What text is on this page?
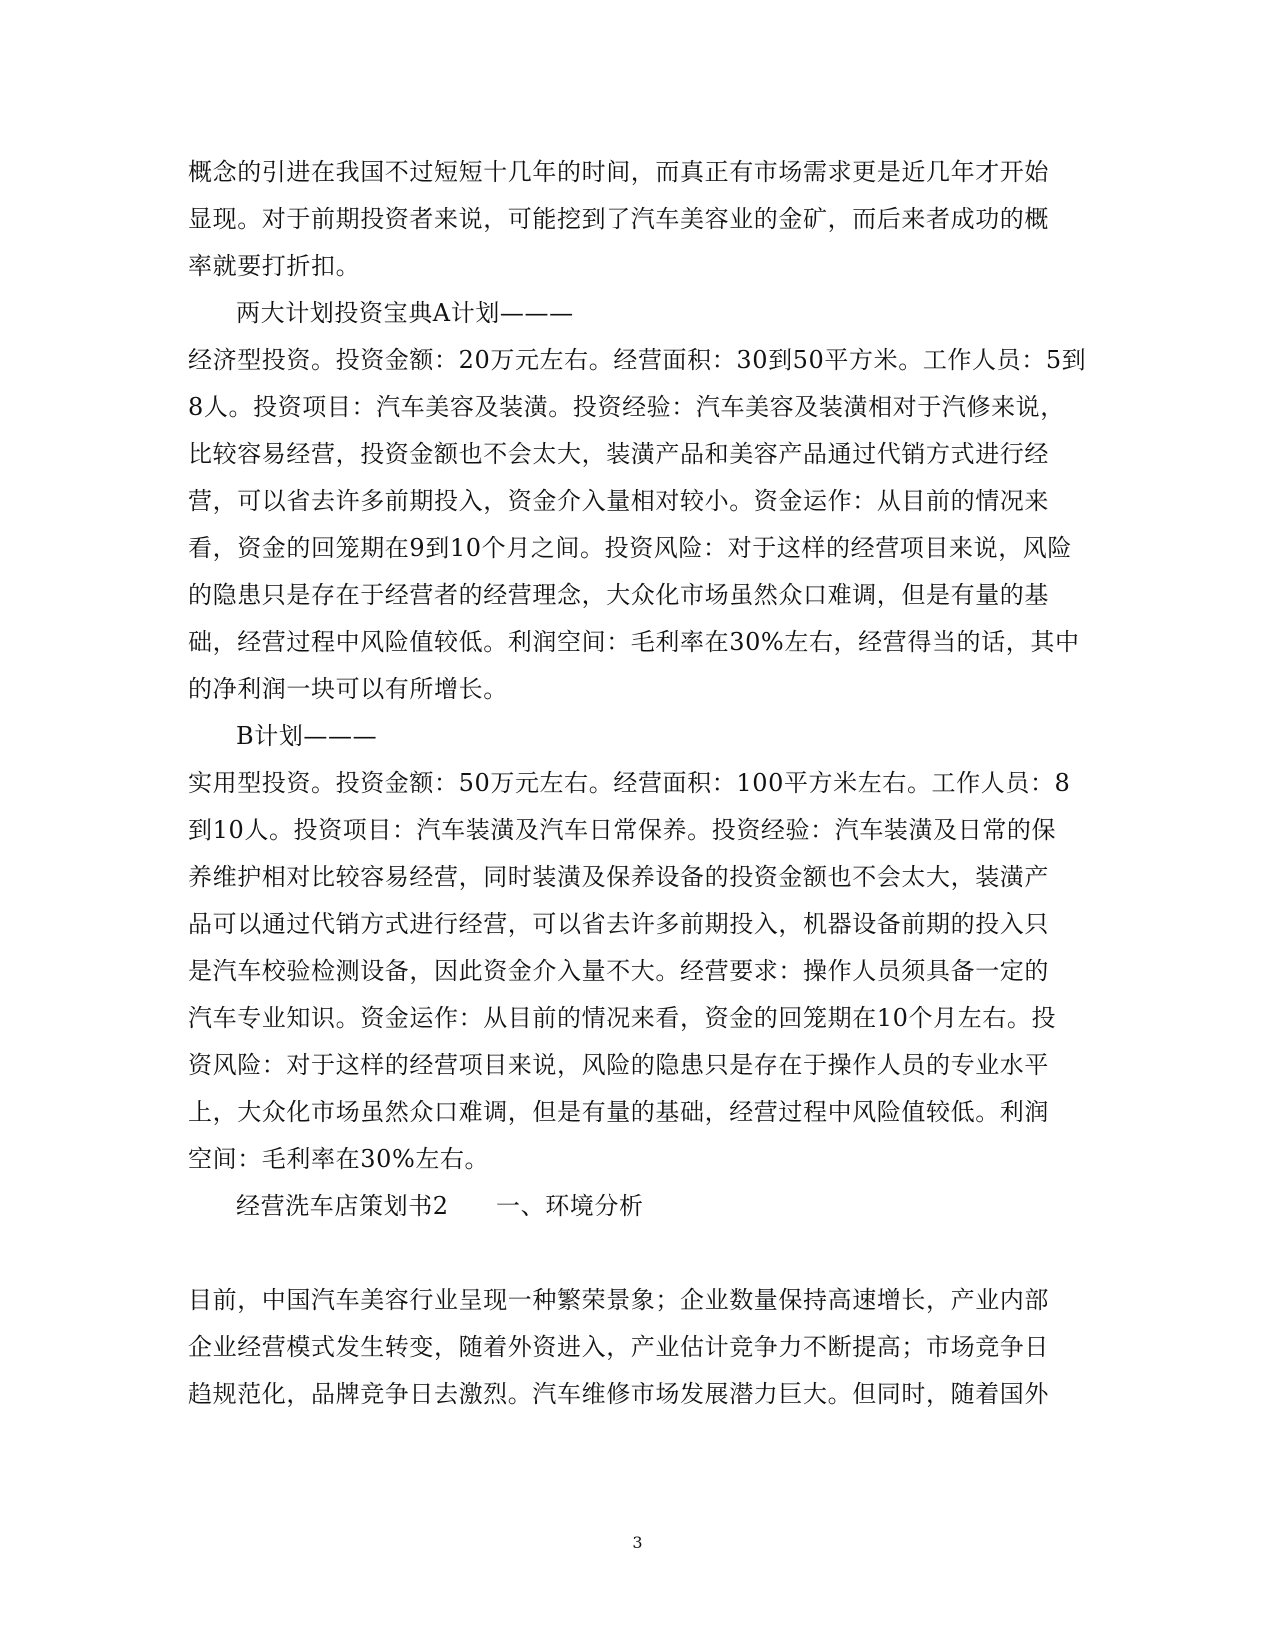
概念的引进在我国不过短短十几年的时间，而真正有市场需求更是近几年才开始
显现。对于前期投资者来说，可能挖到了汽车美容业的金矿，而后来者成功的概
率就要打折扣。
两大计划投资宝典A计划———
经济型投资。投资金额：20万元左右。经营面积：30到50平方米。工作人员：5到
8人。投资项目：汽车美容及装潢。投资经验：汽车美容及装潢相对于汽修来说，
比较容易经营，投资金额也不会太大，装潢产品和美容产品通过代销方式进行经
营，可以省去许多前期投入，资金介入量相对较小。资金运作：从目前的情况来
看，资金的回笼期在9到10个月之间。投资风险：对于这样的经营项目来说，风险
的隐患只是存在于经营者的经营理念，大众化市场虽然众口难调，但是有量的基
础，经营过程中风险值较低。利润空间：毛利率在30%左右，经营得当的话，其中
的净利润一块可以有所增长。
B计划———
实用型投资。投资金额：50万元左右。经营面积：100平方米左右。工作人员：8
到10人。投资项目：汽车装潢及汽车日常保养。投资经验：汽车装潢及日常的保
养维护相对比较容易经营，同时装潢及保养设备的投资金额也不会太大，装潢产
品可以通过代销方式进行经营，可以省去许多前期投入，机器设备前期的投入只
是汽车校验检测设备，因此资金介入量不大。经营要求：操作人员须具备一定的
汽车专业知识。资金运作：从目前的情况来看，资金的回笼期在10个月左右。投
资风险：对于这样的经营项目来说，风险的隐患只是存在于操作人员的专业水平
上，大众化市场虽然众口难调，但是有量的基础，经营过程中风险值较低。利润
空间：毛利率在30%左右。
经营洗车店策划书2 一、环境分析
目前，中国汽车美容行业呈现一种繁荣景象；企业数量保持高速增长，产业内部
企业经营模式发生转变，随着外资进入，产业估计竞争力不断提高；市场竞争日
趋规范化，品牌竞争日去激烈。汽车维修市场发展潜力巨大。但同时，随着国外
3
